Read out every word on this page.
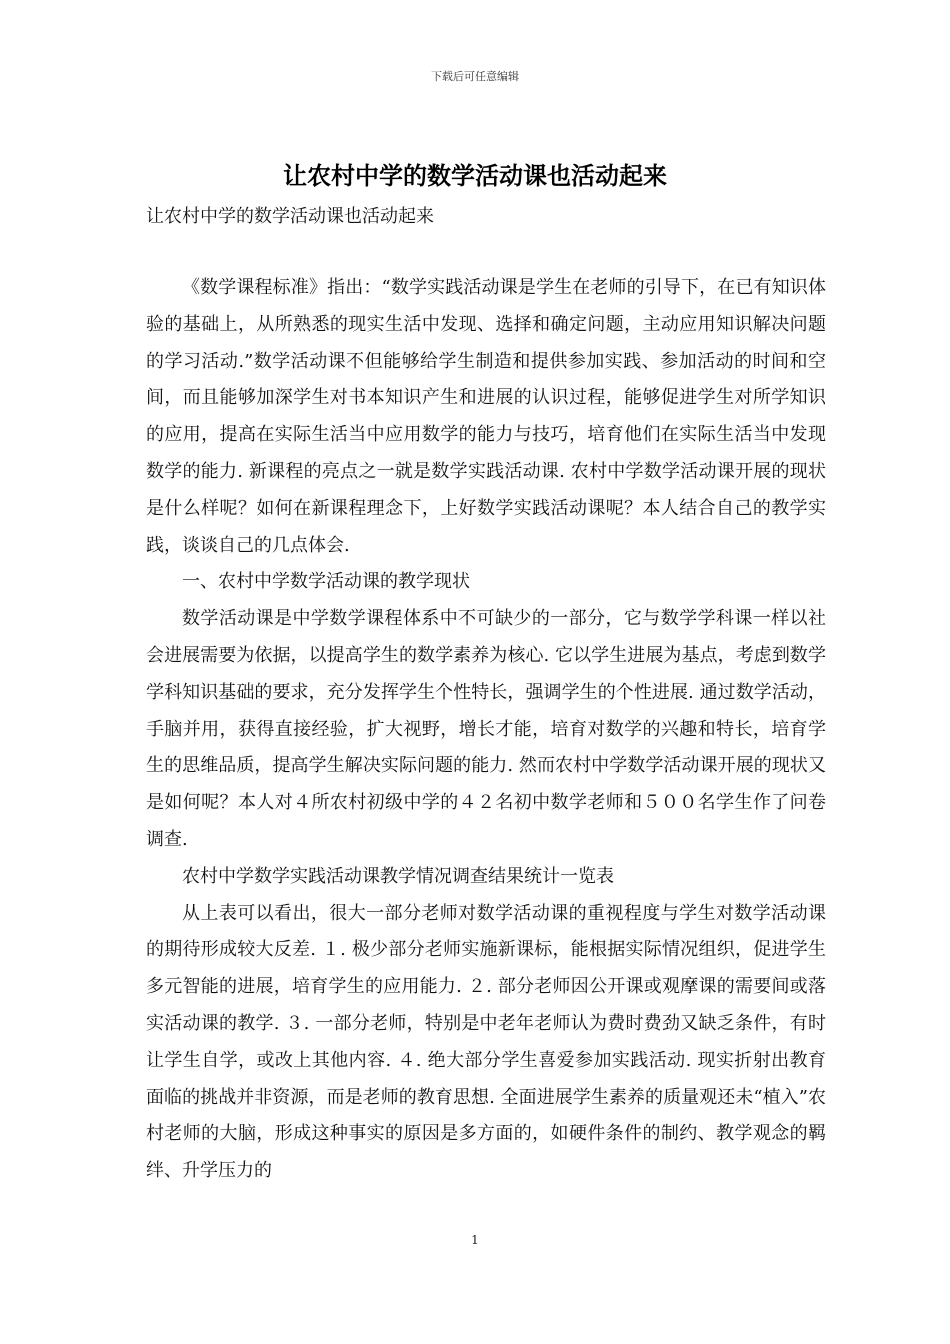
下载后可任意编辑
让农村中学的数学活动课也活动起来
让农村中学的数学活动课也活动起来

《数学课程标准》指出：“数学实践活动课是学生在老师的引导下，在已有知识体验的基础上，从所熟悉的现实生活中发现、选择和确定问题，主动应用知识解决问题的学习活动.”数学活动课不但能够给学生制造和提供参加实践、参加活动的时间和空间，而且能够加深学生对书本知识产生和进展的认识过程，能够促进学生对所学知识的应用，提高在实际生活当中应用数学的能力与技巧，培育他们在实际生活当中发现数学的能力. 新课程的亮点之一就是数学实践活动课. 农村中学数学活动课开展的现状是什么样呢？如何在新课程理念下，上好数学实践活动课呢？本人结合自己的教学实践，谈谈自己的几点体会.

一、农村中学数学活动课的教学现状

数学活动课是中学数学课程体系中不可缺少的一部分，它与数学学科课一样以社会进展需要为依据，以提高学生的数学素养为核心. 它以学生进展为基点，考虑到数学学科知识基础的要求，充分发挥学生个性特长，强调学生的个性进展. 通过数学活动，手脑并用，获得直接经验，扩大视野，增长才能，培育对数学的兴趣和特长，培育学生的思维品质，提高学生解决实际问题的能力. 然而农村中学数学活动课开展的现状又是如何呢？本人对４所农村初级中学的４２名初中数学老师和５００名学生作了问卷调查.

农村中学数学实践活动课教学情况调查结果统计一览表

从上表可以看出，很大一部分老师对数学活动课的重视程度与学生对数学活动课的期待形成较大反差. １. 极少部分老师实施新课标，能根据实际情况组织，促进学生多元智能的进展，培育学生的应用能力. ２. 部分老师因公开课或观摩课的需要间或落实活动课的教学. ３. 一部分老师，特别是中老年老师认为费时费劲又缺乏条件，有时让学生自学，或改上其他内容. ４. 绝大部分学生喜爱参加实践活动. 现实折射出教育面临的挑战并非资源，而是老师的教育思想. 全面进展学生素养的质量观还未“植入”农村老师的大脑，形成这种事实的原因是多方面的，如硬件条件的制约、教学观念的羁绊、升学压力的

1
